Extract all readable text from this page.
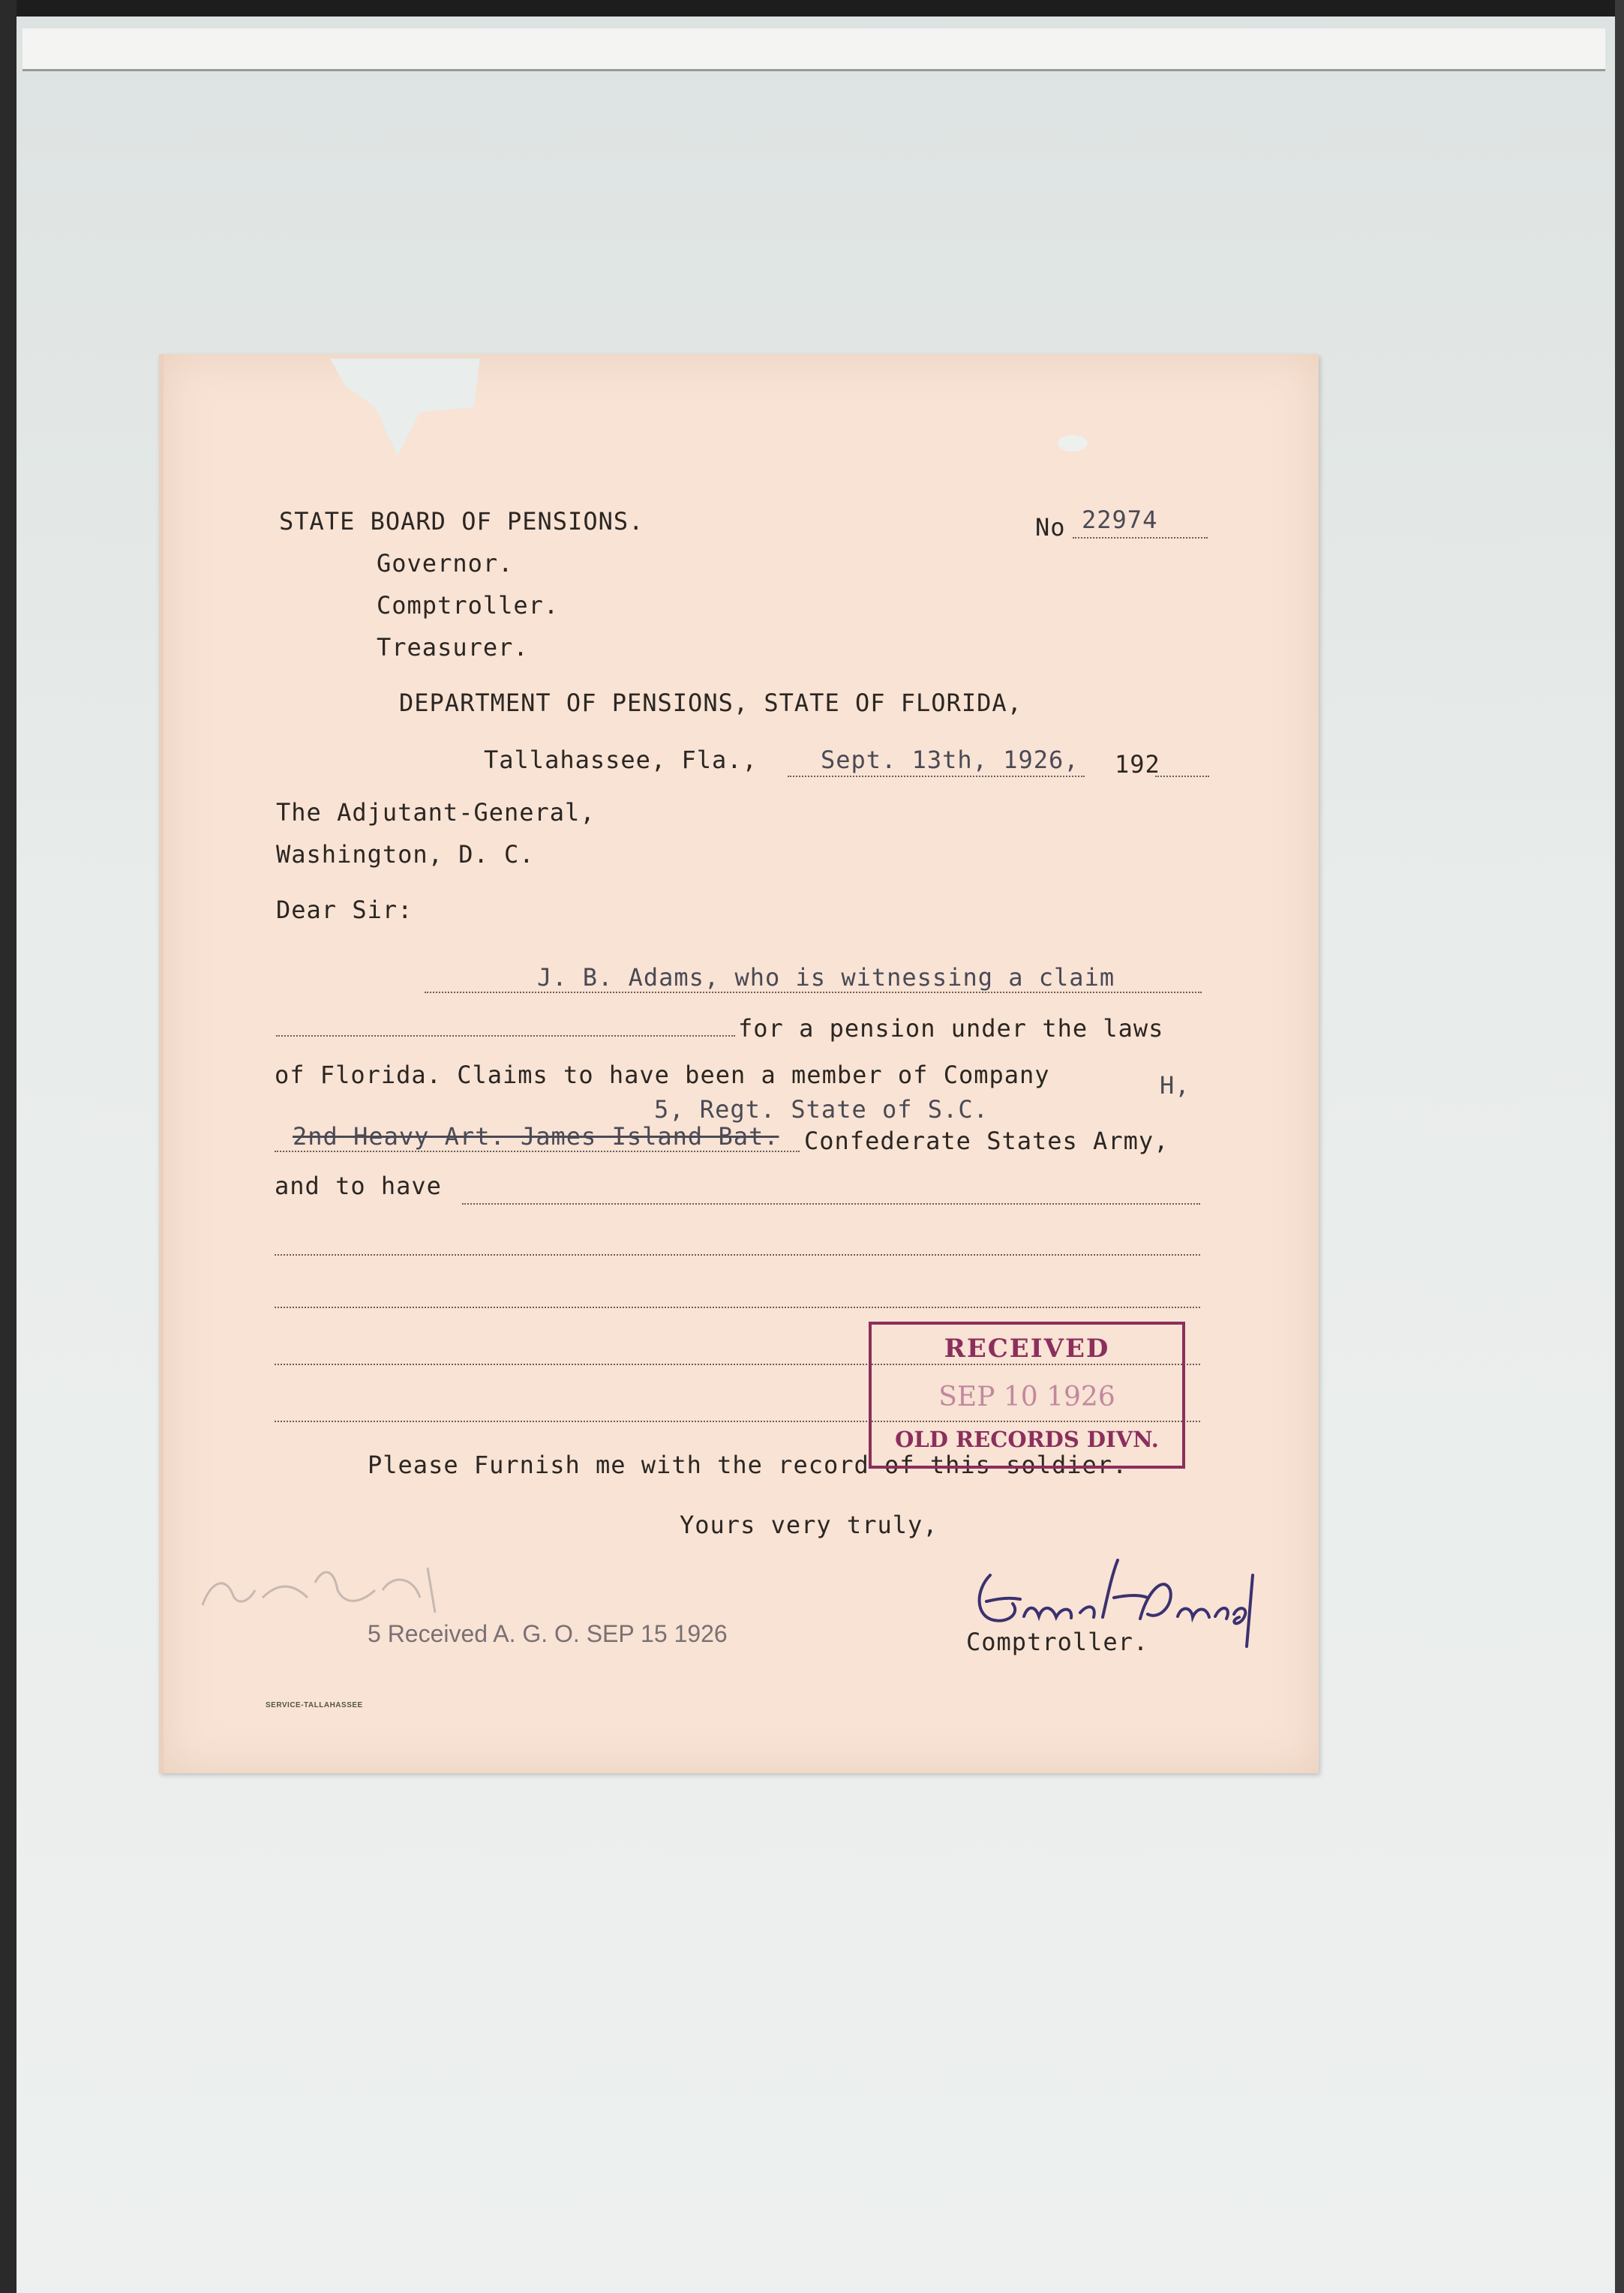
STATE BOARD OF PENSIONS.	No 22974
Governor.
Comptroller.
Treasurer.
DEPARTMENT OF PENSIONS, STATE OF FLORIDA,
Tallahassee, Fla.,	Sept. 13th, 1926, 192
The Adjutant-General,
Washington, D. C.
Dear Sir:
J. B. Adams, who is witnessing a claim
for a pension under the laws
of Florida. Claims to have been a member of Company	H,
5, Regt. State of S.C.
2nd Heavy Art. James Island Bat. Confederate States Army,
and to have
Please Furnish me with the record of this soldier.
Yours very truly,
Comptroller.
RECEIVED
SEP 10 1926
OLD RECORDS DIVN.
5 Received A. G. O. SEP 15 1926
SERVICE-TALLAHASSEE
